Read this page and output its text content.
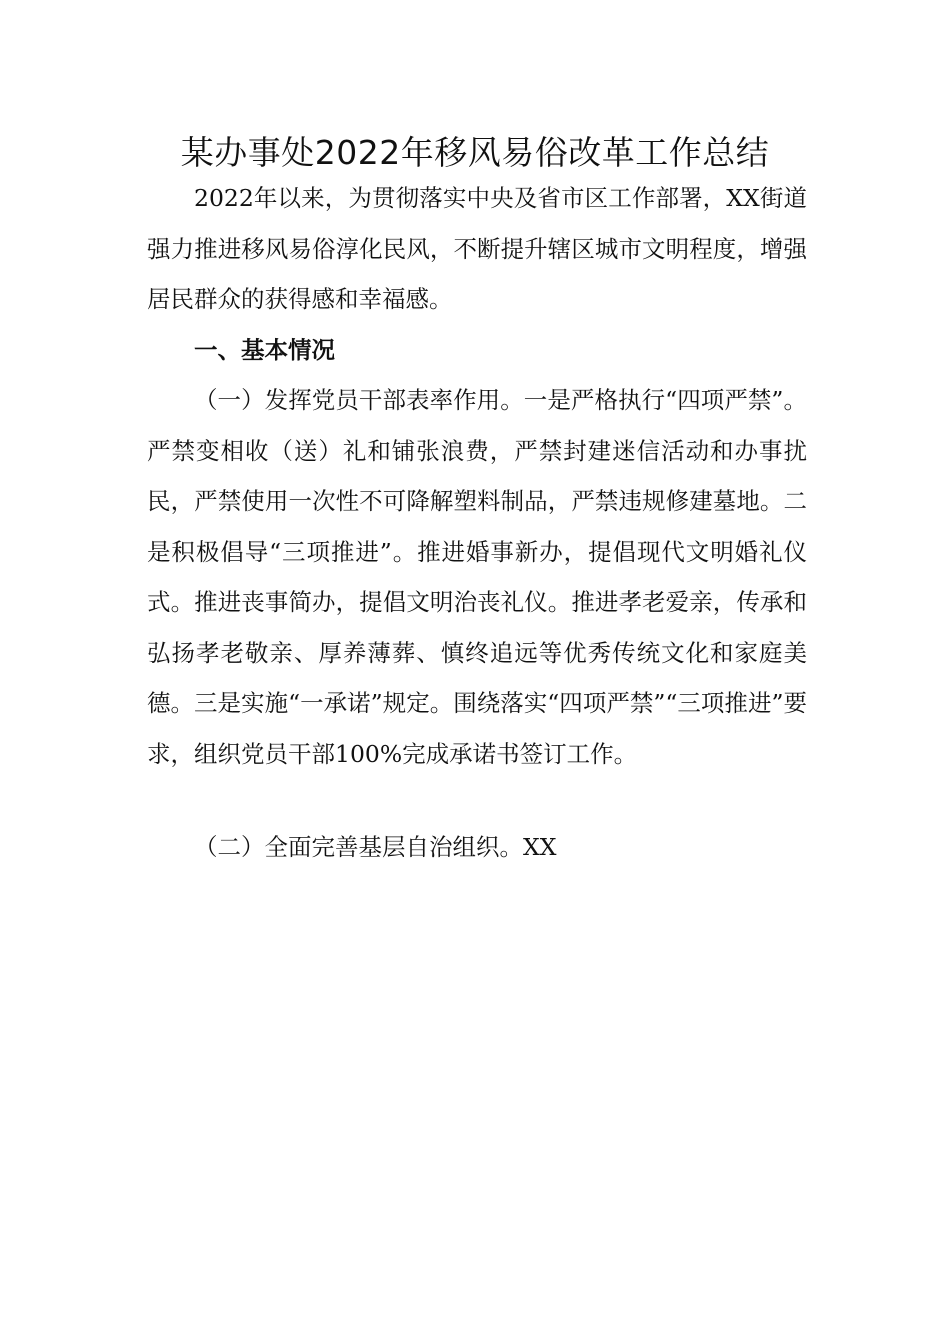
某办事处2022年移风易俗改革工作总结

2022年以来，为贯彻落实中央及省市区工作部署，XX街道强力推进移风易俗淳化民风，不断提升辖区城市文明程度，增强居民群众的获得感和幸福感。

一、基本情况

（一）发挥党员干部表率作用。一是严格执行“四项严禁”。严禁变相收（送）礼和铺张浪费，严禁封建迷信活动和办事扰民，严禁使用一次性不可降解塑料制品，严禁违规修建墓地。二是积极倡导“三项推进”。推进婚事新办，提倡现代文明婚礼仪式。推进丧事简办，提倡文明治丧礼仪。推进孝老爱亲，传承和弘扬孝老敬亲、厚养薄葬、慎终追远等优秀传统文化和家庭美德。三是实施“一承诺”规定。围绕落实“四项严禁”“三项推进”要求，组织党员干部100%完成承诺书签订工作。

（二）全面完善基层自治组织。XX
